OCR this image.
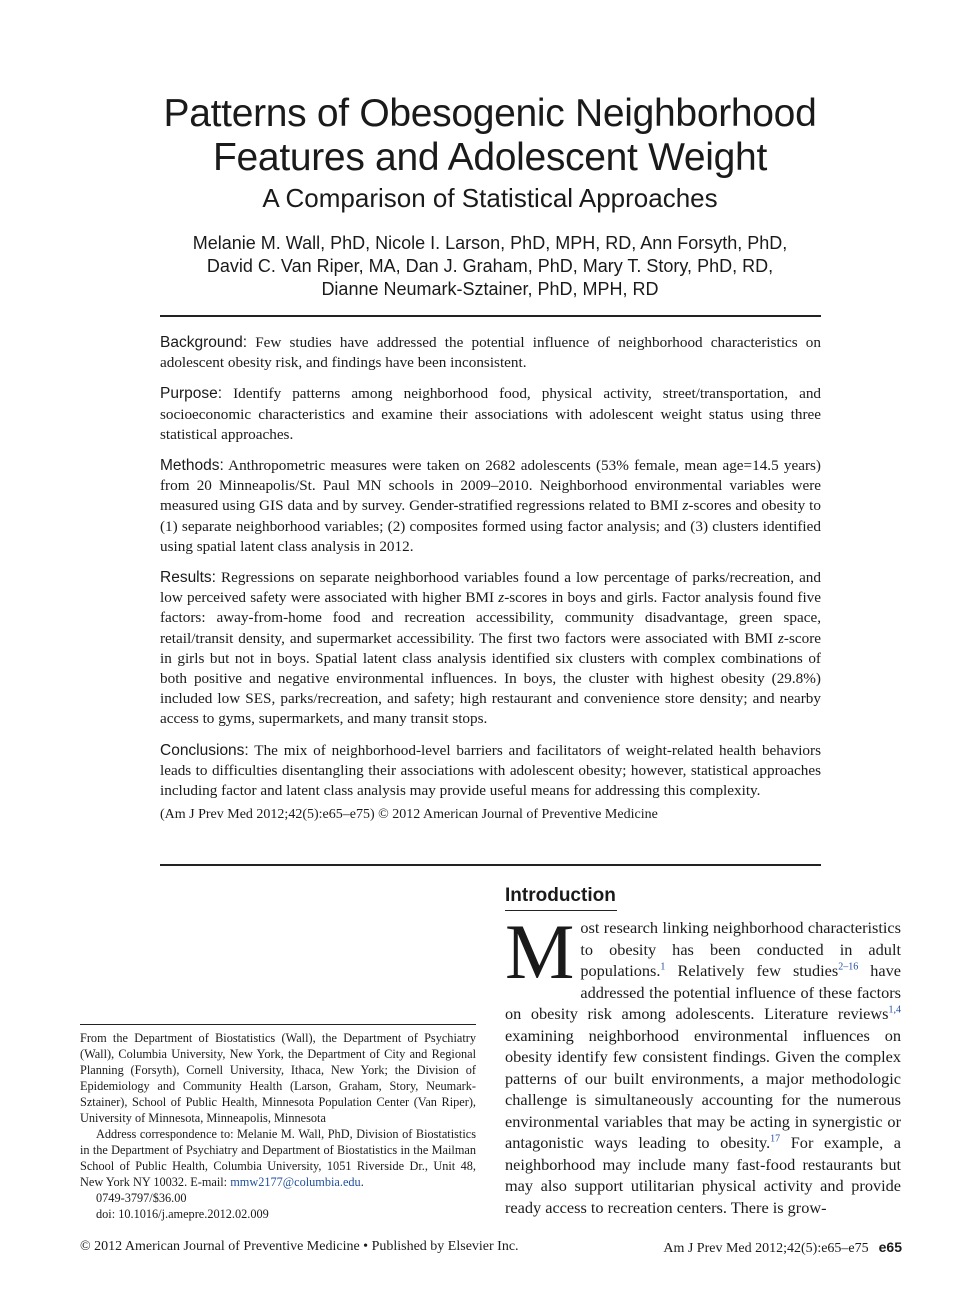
Patterns of Obesogenic Neighborhood
Features and Adolescent Weight
A Comparison of Statistical Approaches
Melanie M. Wall, PhD, Nicole I. Larson, PhD, MPH, RD, Ann Forsyth, PhD,
David C. Van Riper, MA, Dan J. Graham, PhD, Mary T. Story, PhD, RD,
Dianne Neumark-Sztainer, PhD, MPH, RD

Background: Few studies have addressed the potential influence of neighborhood characteristics on adolescent obesity risk, and findings have been inconsistent.

Purpose: Identify patterns among neighborhood food, physical activity, street/transportation, and socioeconomic characteristics and examine their associations with adolescent weight status using three statistical approaches.

Methods: Anthropometric measures were taken on 2682 adolescents (53% female, mean age=14.5 years) from 20 Minneapolis/St. Paul MN schools in 2009–2010. Neighborhood environmental variables were measured using GIS data and by survey. Gender-stratified regressions related to BMI z-scores and obesity to (1) separate neighborhood variables; (2) composites formed using factor analysis; and (3) clusters identified using spatial latent class analysis in 2012.

Results: Regressions on separate neighborhood variables found a low percentage of parks/recreation, and low perceived safety were associated with higher BMI z-scores in boys and girls. Factor analysis found five factors: away-from-home food and recreation accessibility, community disadvantage, green space, retail/transit density, and supermarket accessibility. The first two factors were associated with BMI z-score in girls but not in boys. Spatial latent class analysis identified six clusters with complex combinations of both positive and negative environmental influences. In boys, the cluster with highest obesity (29.8%) included low SES, parks/recreation, and safety; high restaurant and convenience store density; and nearby access to gyms, supermarkets, and many transit stops.

Conclusions: The mix of neighborhood-level barriers and facilitators of weight-related health behaviors leads to difficulties disentangling their associations with adolescent obesity; however, statistical approaches including factor and latent class analysis may provide useful means for addressing this complexity.

(Am J Prev Med 2012;42(5):e65–e75) © 2012 American Journal of Preventive Medicine

Introduction
Most research linking neighborhood characteristics to obesity has been conducted in adult populations.$^1$ Relatively few studies$^{2-16}$ have addressed the potential influence of these factors on obesity risk among adolescents. Literature reviews$^{1,4}$ examining neighborhood environmental influences on obesity identify few consistent findings. Given the complex patterns of our built environments, a major methodologic challenge is simultaneously accounting for the numerous environmental variables that may be acting in synergistic or antagonistic ways leading to obesity.$^{17}$ For example, a neighborhood may include many fast-food restaurants but may also support utilitarian physical activity and provide ready access to recreation centers. There is grow-

From the Department of Biostatistics (Wall), the Department of Psychiatry (Wall), Columbia University, New York, the Department of City and Regional Planning (Forsyth), Cornell University, Ithaca, New York; the Division of Epidemiology and Community Health (Larson, Graham, Story, Neumark-Sztainer), School of Public Health, Minnesota Population Center (Van Riper), University of Minnesota, Minneapolis, Minnesota

Address correspondence to: Melanie M. Wall, PhD, Division of Biostatistics in the Department of Psychiatry and Department of Biostatistics in the Mailman School of Public Health, Columbia University, 1051 Riverside Dr., Unit 48, New York NY 10032. E-mail: mmw2177@columbia.edu.

0749-3797/$36.00

doi: 10.1016/j.amepre.2012.02.009

© 2012 American Journal of Preventive Medicine • Published by Elsevier Inc.	Am J Prev Med 2012;42(5):e65–e75 e65
